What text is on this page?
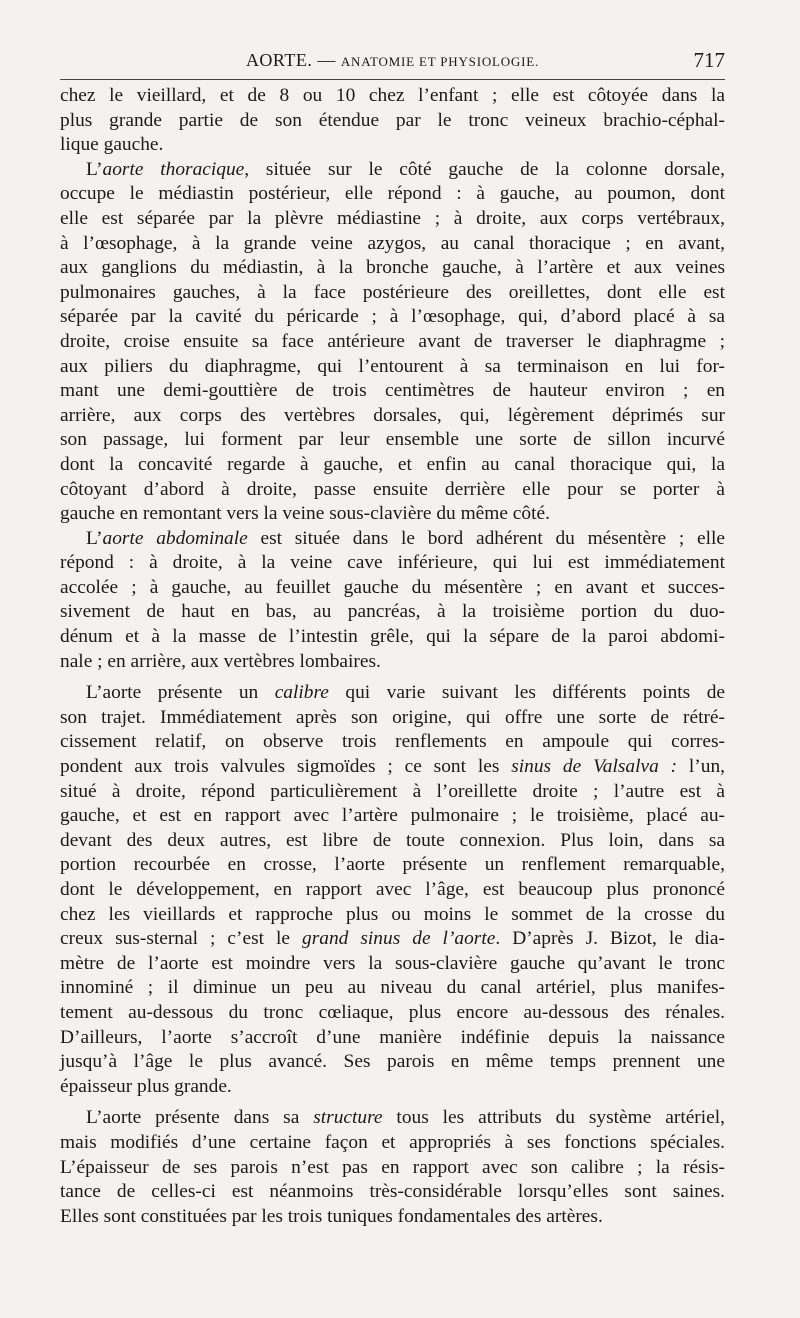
AORTE. — ANATOMIE ET PHYSIOLOGIE.	717

chez le vieillard, et de 8 ou 10 chez l’enfant ; elle est côtoyée dans la
plus grande partie de son étendue par le tronc veineux brachio-céphal-
lique gauche.

L’aorte thoracique, située sur le côté gauche de la colonne dorsale,
occupe le médiastin postérieur, elle répond : à gauche, au poumon, dont
elle est séparée par la plèvre médiastine ; à droite, aux corps vertébraux,
à l’œsophage, à la grande veine azygos, au canal thoracique ; en avant,
aux ganglions du médiastin, à la bronche gauche, à l’artère et aux veines
pulmonaires gauches, à la face postérieure des oreillettes, dont elle est
séparée par la cavité du péricarde ; à l’œsophage, qui, d’abord placé à sa
droite, croise ensuite sa face antérieure avant de traverser le diaphragme ;
aux piliers du diaphragme, qui l’entourent à sa terminaison en lui for-
mant une demi-gouttière de trois centimètres de hauteur environ ; en
arrière, aux corps des vertèbres dorsales, qui, légèrement déprimés sur
son passage, lui forment par leur ensemble une sorte de sillon incurvé
dont la concavité regarde à gauche, et enfin au canal thoracique qui, la
côtoyant d’abord à droite, passe ensuite derrière elle pour se porter à
gauche en remontant vers la veine sous-clavière du même côté.

L’aorte abdominale est située dans le bord adhérent du mésentère ; elle
répond : à droite, à la veine cave inférieure, qui lui est immédiatement
accolée ; à gauche, au feuillet gauche du mésentère ; en avant et succes-
sivement de haut en bas, au pancréas, à la troisième portion du duo-
dénum et à la masse de l’intestin grêle, qui la sépare de la paroi abdomi-
nale ; en arrière, aux vertèbres lombaires.

L’aorte présente un calibre qui varie suivant les différents points de
son trajet. Immédiatement après son origine, qui offre une sorte de rétré-
cissement relatif, on observe trois renflements en ampoule qui corres-
pondent aux trois valvules sigmoïdes ; ce sont les sinus de Valsalva : l’un,
situé à droite, répond particulièrement à l’oreillette droite ; l’autre est à
gauche, et est en rapport avec l’artère pulmonaire ; le troisième, placé au-
devant des deux autres, est libre de toute connexion. Plus loin, dans sa
portion recourbée en crosse, l’aorte présente un renflement remarquable,
dont le développement, en rapport avec l’âge, est beaucoup plus prononcé
chez les vieillards et rapproche plus ou moins le sommet de la crosse du
creux sus-sternal ; c’est le grand sinus de l’aorte. D’après J. Bizot, le dia-
mètre de l’aorte est moindre vers la sous-clavière gauche qu’avant le tronc
innominé ; il diminue un peu au niveau du canal artériel, plus manifes-
tement au-dessous du tronc cœliaque, plus encore au-dessous des rénales.
D’ailleurs, l’aorte s’accroît d’une manière indéfinie depuis la naissance
jusqu’à l’âge le plus avancé. Ses parois en même temps prennent une
épaisseur plus grande.

L’aorte présente dans sa structure tous les attributs du système artériel,
mais modifiés d’une certaine façon et appropriés à ses fonctions spéciales.
L’épaisseur de ses parois n’est pas en rapport avec son calibre ; la résis-
tance de celles-ci est néanmoins très-considérable lorsqu’elles sont saines.
Elles sont constituées par les trois tuniques fondamentales des artères.
